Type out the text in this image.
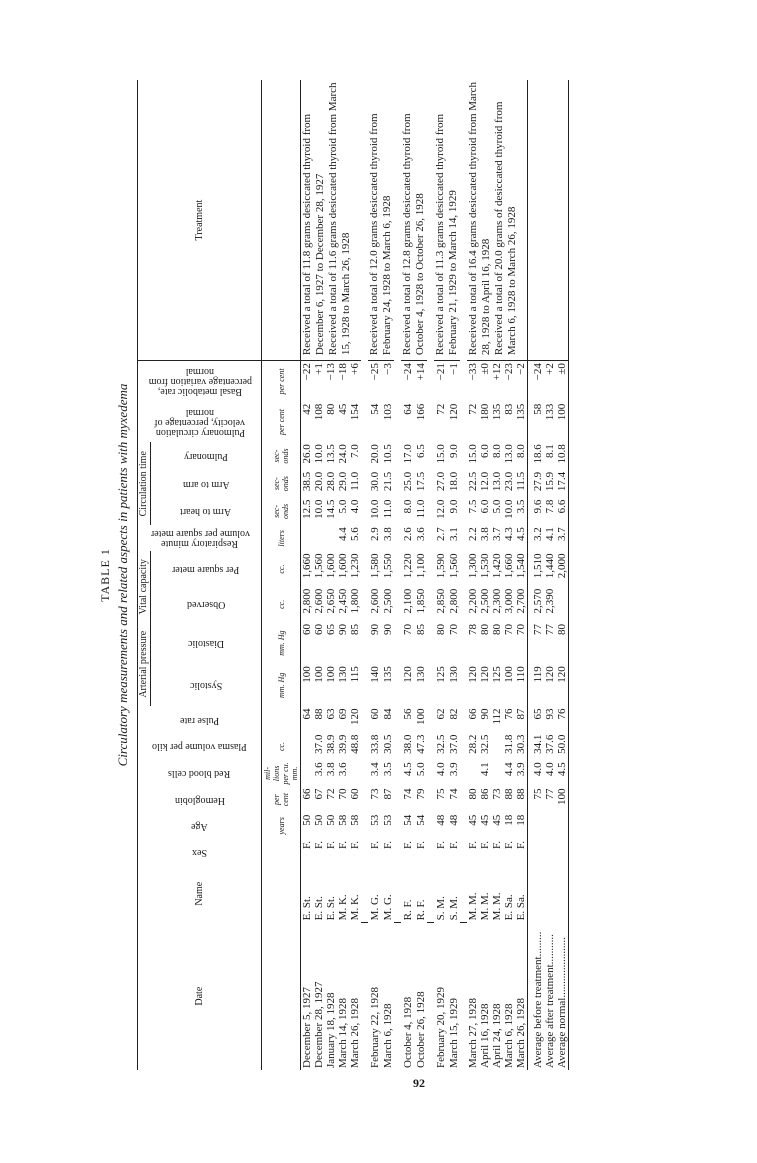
92
TABLE 1 Circulatory measurements and related aspects in patients with myxedema
Date	Name	Sex	Age	Hemoglobin	Red blood cells	Plasma volume per kilo	Pulse rate	Arterial pressure		Vital capacity		Respiratory minute volume per square meter	Circulation time			Pulmonary circulation velocity, percentage of normal	Basal metabolic rate, percentage variation from normal	Treatment

								Systolic	Diastolic	Observed	Per square meter		Arm to heart	Arm to arm	Pulmonary			

			years	per cent	mil-lions per cu. mm.	cc.		mm. Hg	mm. Hg	cc.	cc.	liters	sec-onds	sec-onds	sec-onds	per cent	per cent	
December 5, 1927	E. St.	F.	50	66			64	100	60	2,800	1,660		12.5	38.5	26.0	42	−22	Received a total of 11.8 grams desiccated thyroid from December 6, 1927 to December 28, 1927
Received a total of 11.6 grams desiccated thyroid from March 15, 1928 to March 26, 1928
December 28, 1927	E. St.	F.	50	67	3.6	37.0	88	100	60	2,600	1,560		10.0	20.0	10.0	108	+1	
January 18, 1928	E. St.	F.	50	72	3.8	38.9	63	100	65	2,650	1,600		14.5	28.0	13.5	80	−13	
March 14, 1928	M. K.	F.	58	70	3.6	39.9	69	130	90	2,450	1,600	4.4	5.0	29.0	24.0	45	−18	
March 26, 1928	M. K.	F.	58	60		48.8	120	115	85	1,800	1,230	5.6	4.0	11.0	7.0	154	+6	

February 22, 1928	M. G.	F.	53	73	3.4	33.8	60	140	90	2,600	1,580	2.9	10.0	30.0	20.0	54	−25	Received a total of 12.0 grams desiccated thyroid from February 24, 1928 to March 6, 1928
March 6, 1928	M. G.	F.	53	87	3.5	30.5	84	135	90	2,500	1,550	3.8	11.0	21.5	10.5	103	−3	

October 4, 1928	R. F.	F.	54	74	4.5	38.0	56	120	70	2,100	1,220	2.6	8.0	25.0	17.0	64	−24	Received a total of 12.8 grams desiccated thyroid from October 4, 1928 to October 26, 1928
October 26, 1928	R. F.	F.	54	79	5.0	47.3	100	130	85	1,850	1,100	3.6	11.0	17.5	6.5	166	+14	

February 20, 1929	S. M.	F.	48	75	4.0	32.5	62	125	80	2,850	1,590	2.7	12.0	27.0	15.0	72	−21	Received a total of 11.3 grams desiccated thyroid from February 21, 1929 to March 14, 1929
March 15, 1929	S. M.	F.	48	74	3.9	37.0	82	130	70	2,800	1,560	3.1	9.0	18.0	9.0	120	−1	

March 27, 1928	M. M.	F.	45	80		28.2	66	120	78	2,200	1,300	2.2	7.5	22.5	15.0	72	−33	Received a total of 16.4 grams desiccated thyroid from March 28, 1928 to April 16, 1928
Received a total of 20.0 grams of desiccated thyroid from March 6, 1928 to March 26, 1928
April 16, 1928	M. M.	F.	45	86	4.1	32.5	90	120	80	2,500	1,530	3.8	6.0	12.0	6.0	180	±0	
April 24, 1928	M. M.	F.	45	73			112	125	80	2,300	1,420	3.7	5.0	13.0	8.0	135	+12	
March 6, 1928	E. Sa.	F.	18	88	4.4	31.8	76	100	70	3,000	1,660	4.3	10.0	23.0	13.0	83	−23	
March 26, 1928	E. Sa.	F.	18	88	3.9	30.3	87	110	70	2,700	1,540	4.5	3.5	11.5	8.0	135	−2	
Average before treatment.........				75	4.0	34.1	65	119	77	2,570	1,510	3.2	9.6	27.9	18.6	58	−24	
Average after treatment...........				77	4.0	37.6	93	120	77	2,390	1,440	4.1	7.8	15.9	8.1	133	+2	
Average normal......................				100	4.5	50.0	76	120	80		2,000	3.7	6.6	17.4	10.8	100	±0	
